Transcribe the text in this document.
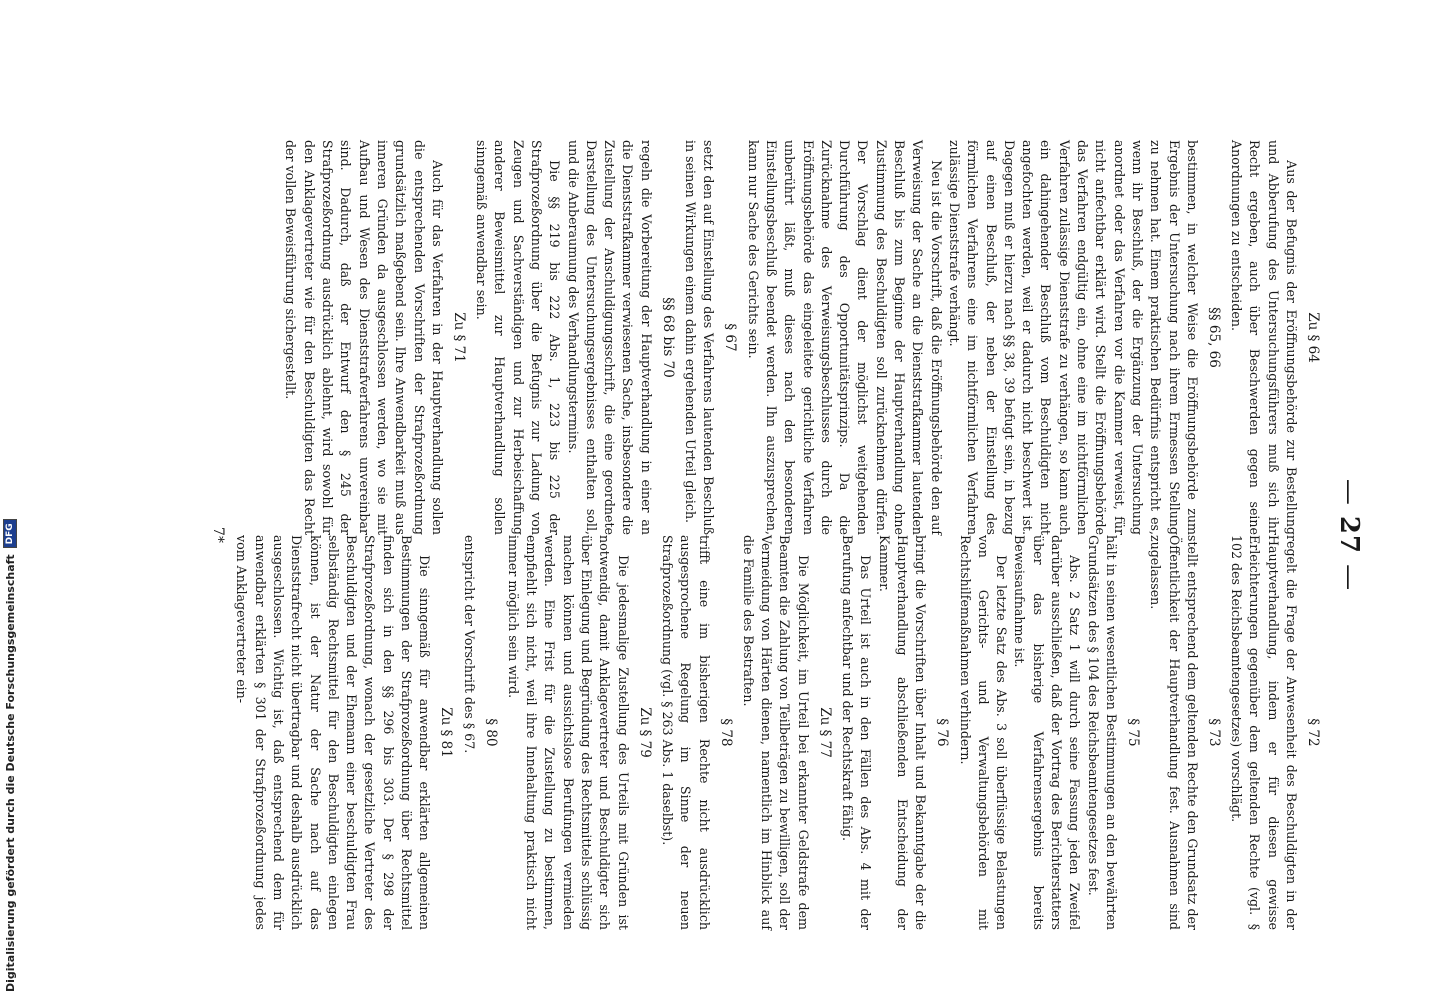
—27—
Zu § 64

Aus der Befugnis der Eröffnungsbehörde zur Bestellung und Abberufung des Untersuchungsführers muß sich ihr Recht ergeben, auch über Beschwerden gegen seine Anordnungen zu entscheiden.

§§ 65, 66

bestimmen, in welcher Weise die Eröffnungsbehörde zum Ergebnis der Untersuchung nach ihrem Ermessen Stellung zu nehmen hat. Einem praktischen Bedürfnis entspricht es, wenn ihr Beschluß, der die Ergänzung der Untersuchung anordnet oder das Verfahren vor die Kammer verweist, für nicht anfechtbar erklärt wird. Stellt die Eröffnungsbehörde das Verfahren endgültig ein, ohne eine im nichtförmlichen Verfahren zulässige Dienststrafe zu verhängen, so kann auch ein dahingehender Beschluß vom Beschuldigten nicht angefochten werden, weil er dadurch nicht beschwert ist. Dagegen muß er hierzu nach §§ 38, 39 befugt sein, in bezug auf einen Beschluß, der neben der Einstellung des förmlichen Verfahrens eine im nichtförmlichen Verfahren zulässige Dienststrafe verhängt.

Neu ist die Vorschrift, daß die Eröffnungsbehörde den auf Verweisung der Sache an die Dienststrafkammer lautenden Beschluß bis zum Beginne der Hauptverhandlung ohne Zustimmung des Beschuldigten soll zurücknehmen dürfen. Der Vorschlag dient der möglichst weitgehenden Durchführung des Opportunitätsprinzips. Da die Zurücknahme des Verweisungsbeschlusses durch die Eröffnungsbehörde das eingeleitete gerichtliche Verfahren unberührt läßt, muß dieses nach den besonderen Einstellungsbeschluß beendet werden. Ihn auszusprechen, kann nur Sache des Gerichts sein.

§ 67

setzt den auf Einstellung des Verfahrens lautenden Beschluß in seinen Wirkungen einem dahin ergehenden Urteil gleich.

§§ 68 bis 70

regeln die Vorbereitung der Hauptverhandlung in einer an die Dienststrafkammer verwiesenen Sache, insbesondere die Zustellung der Anschuldigungsschrift, die eine geordnete Darstellung des Untersuchungsergebnisses enthalten soll, und die Anberaumung des Verhandlungstermins.

Die §§ 219 bis 222 Abs. 1, 223 bis 225 der Strafprozeßordnung über die Befugnis zur Ladung von Zeugen und Sachverständigen und zur Herbeischaffung anderer Beweismittel zur Hauptverhandlung sollen sinngemäß anwendbar sein.

Zu § 71

Auch für das Verfahren in der Hauptverhandlung sollen die entsprechenden Vorschriften der Strafprozeßordnung grundsätzlich maßgebend sein. Ihre Anwendbarkeit muß aus inneren Gründen da ausgeschlossen werden, wo sie mit Aufbau und Wesen des Dienststrafverfahrens unvereinbar sind. Dadurch, daß der Entwurf den § 245 der Strafprozeßordnung ausdrücklich ablehnt, wird sowohl für den Anklagevertreter wie für den Beschuldigten das Recht der vollen Beweisführung sichergestellt.

§ 72

regelt die Frage der Anwesenheit des Beschuldigten in der Hauptverhandlung, indem er für diesen gewisse Erleichterungen gegenüber dem geltenden Rechte (vgl. § 102 des Reichsbeamtengesetzes) vorschlägt.

§ 73

stellt entsprechend dem geltenden Rechte den Grundsatz der Öffentlichkeit der Hauptverhandlung fest. Ausnahmen sind zugelassen.

§ 75

hält in seinen wesentlichen Bestimmungen an den bewährten Grundsätzen des § 104 des Reichsbeamtengesetzes fest.

Abs. 2 Satz 1 will durch seine Fassung jeden Zweifel darüber ausschließen, daß der Vortrag des Berichterstatters über das bisherige Verfahrensergebnis bereits Beweisaufnahme ist.

Der letzte Satz des Abs. 3 soll überflüssige Belastungen von Gerichts- und Verwaltungsbehörden mit Rechtshilfemaßnahmen verhindern.

§ 76

bringt die Vorschriften über Inhalt und Bekanntgabe der die Hauptverhandlung abschließenden Entscheidung der Kammer.

Das Urteil ist auch in den Fällen des Abs. 4 mit der Berufung anfechtbar und der Rechtskraft fähig.

Zu § 77

Die Möglichkeit, im Urteil bei erkannter Geldstrafe dem Beamten die Zahlung von Teilbeträgen zu bewilligen, soll der Vermeidung von Härten dienen, namentlich im Hinblick auf die Familie des Bestraften.

§ 78

trifft eine im bisherigen Rechte nicht ausdrücklich ausgesprochene Regelung im Sinne der neuen Strafprozeßordnung (vgl. § 263 Abs. 1 daselbst).

Zu § 79

Die jedesmalige Zustellung des Urteils mit Gründen ist notwendig, damit Anklagevertreter und Beschuldigter sich über Einlegung und Begründung des Rechtsmittels schlüssig machen können und aussichtslose Berufungen vermieden werden. Eine Frist für die Zustellung zu bestimmen, empfiehlt sich nicht, weil ihre Innehaltung praktisch nicht immer möglich sein wird.

§ 80

entspricht der Vorschrift des § 67.

Zu § 81

Die sinngemäß für anwendbar erklärten allgemeinen Bestimmungen der Strafprozeßordnung über Rechtsmittel finden sich in den §§ 296 bis 303. Der § 298 der Strafprozeßordnung, wonach der gesetzliche Vertreter des Beschuldigten und der Ehemann einer beschuldigten Frau selbständig Rechtsmittel für den Beschuldigten einlegen können, ist der Natur der Sache nach auf das Dienststrafrecht nicht übertragbar und deshalb ausdrücklich ausgeschlossen. Wichtig ist, daß entsprechend dem für anwendbar erklärten § 301 der Strafprozeßordnung jedes vom Anklagevertreter ein-

7*
Digitalisierung gefördert durch die Deutsche Forschungsgemeinschaft
DFG
